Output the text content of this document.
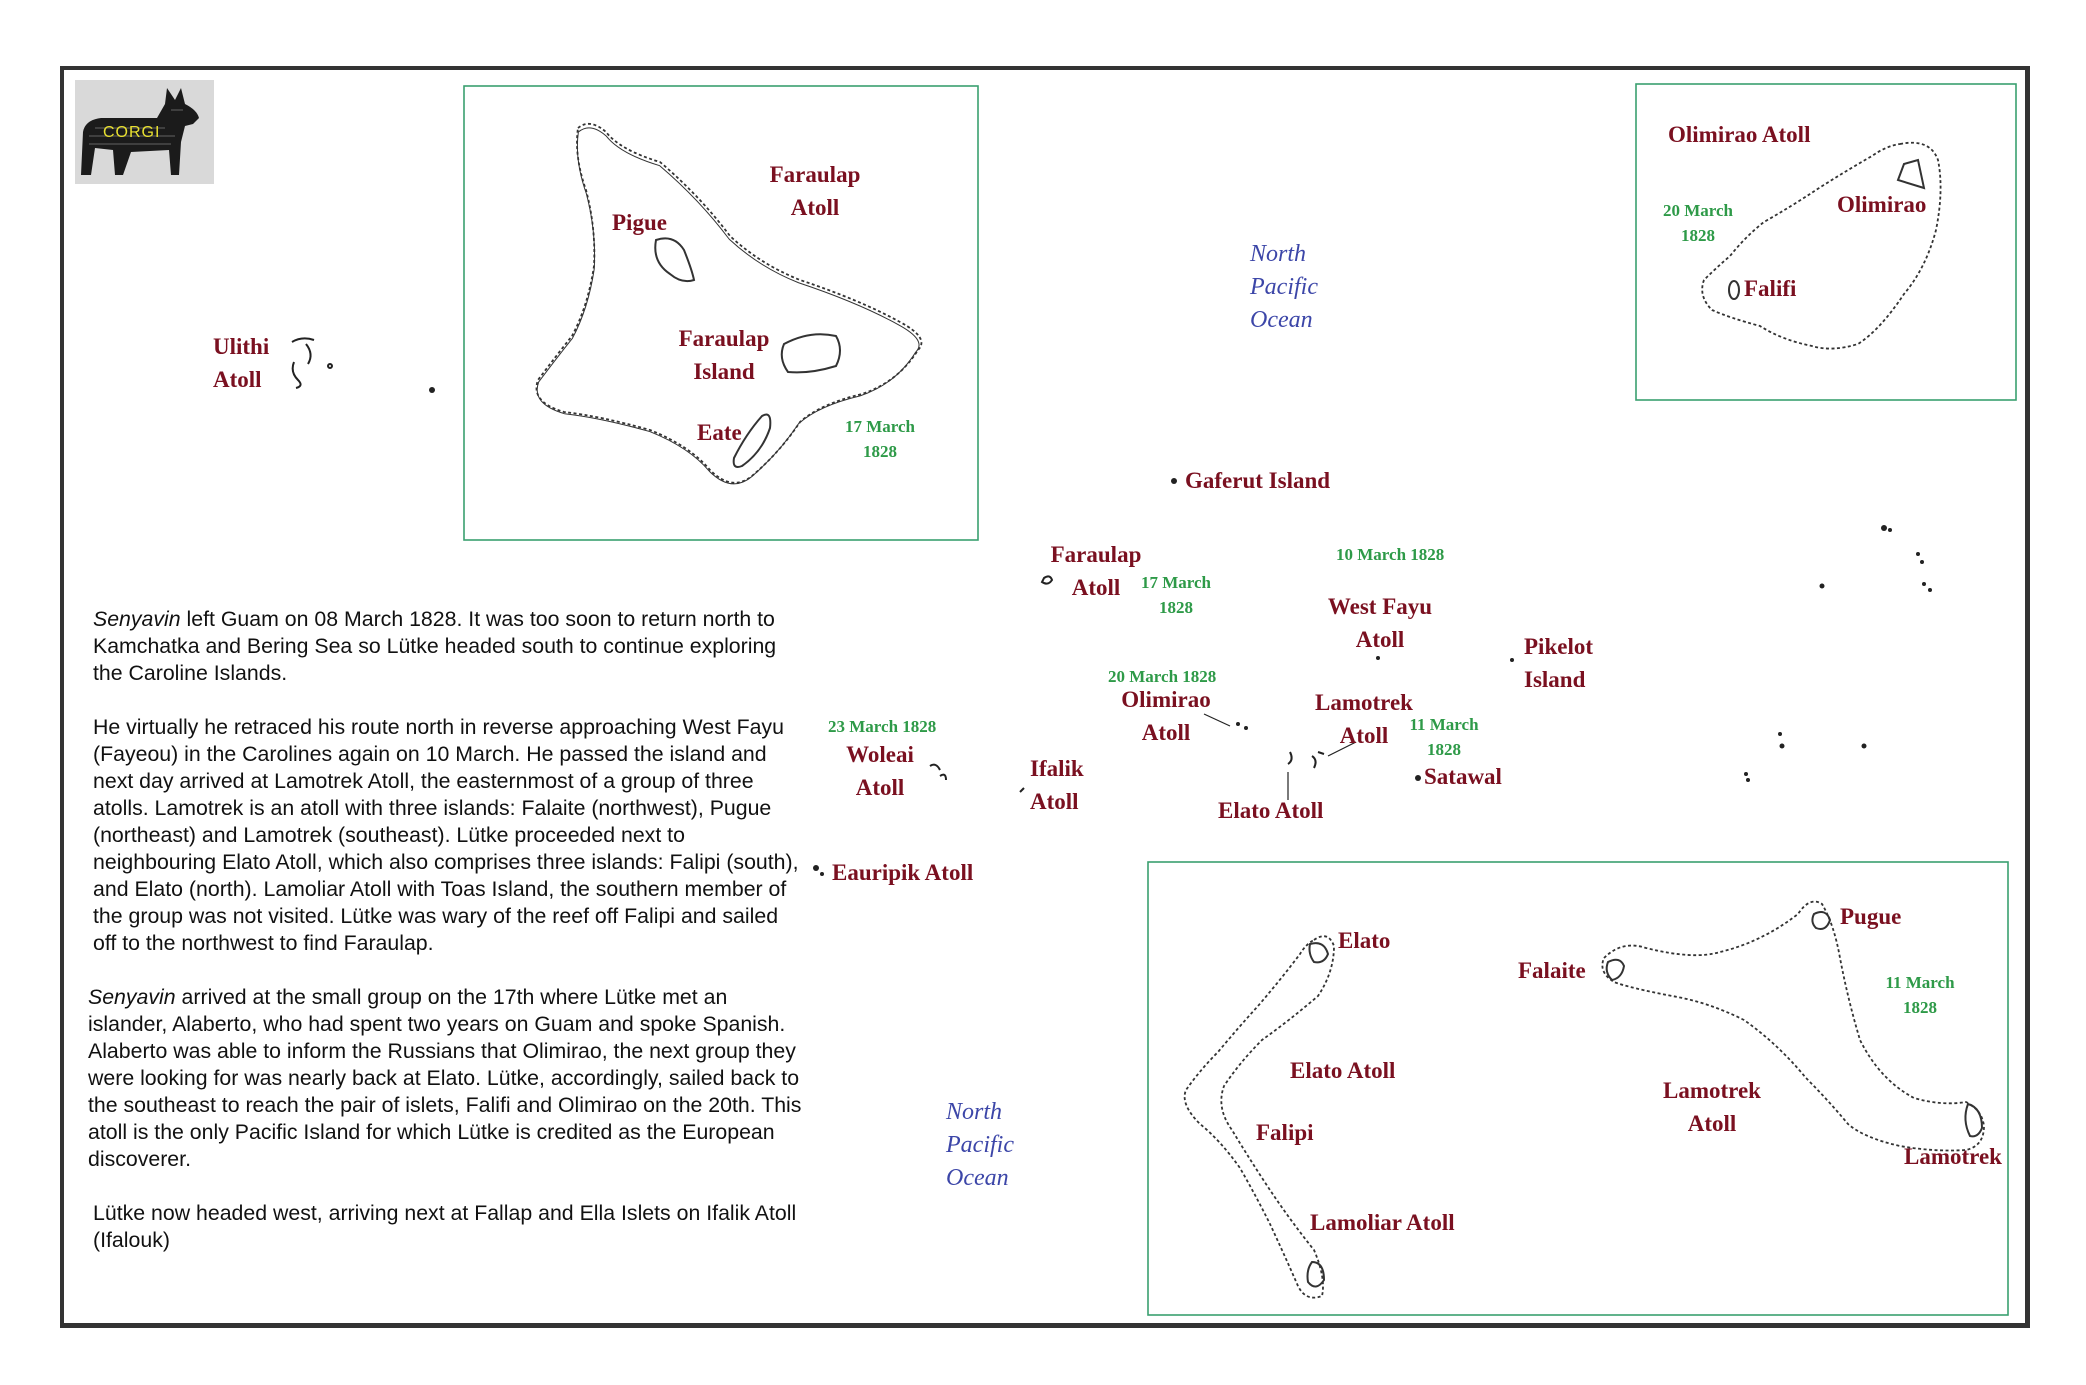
CORGI
Faraulap
Atoll
Pigue
Faraulap
Island
Eate	17 March
1828
Olimirao Atoll
Olimirao
Falifi
20 March
1828
Elato
Elato Atoll
Falipi
Lamoliar Atoll
Pugue
Falaite
Lamotrek
Atoll
Lamotrek
11 March
1828
Ulithi
Atoll
Gaferut Island
Faraulap
Atoll	17 March
1828
10 March 1828
West Fayu
Atoll	Pikelot
Island
20 March 1828
Olimirao
Atoll
Lamotrek
Atoll	11 March
1828
Satawal
23 March 1828
Woleai
Atoll
Ifalik
Atoll	Elato Atoll
Eauripik Atoll
North
Pacific
Ocean
North
Pacific
Ocean

Senyavin left Guam on 08 March 1828. It was too soon to return north to Kamchatka and Bering Sea so Lütke headed south to continue exploring the Caroline Islands.

He virtually he retraced his route north in reverse approaching West Fayu (Fayeou) in the Carolines again on 10 March. He passed the island and next day arrived at Lamotrek Atoll, the easternmost of a group of three atolls. Lamotrek is an atoll with three islands: Falaite (northwest), Pugue (northeast) and Lamotrek (southeast). Lütke proceeded next to neighbouring Elato Atoll, which also comprises three islands: Falipi (south), and Elato (north). Lamoliar Atoll with Toas Island, the southern member of the group was not visited. Lütke was wary of the reef off Falipi and sailed off to the northwest to find Faraulap.

Senyavin arrived at the small group on the 17th where Lütke met an islander, Alaberto, who had spent two years on Guam and spoke Spanish. Alaberto was able to inform the Russians that Olimirao, the next group they were looking for was nearly back at Elato. Lütke, accordingly, sailed back to the southeast to reach the pair of islets, Falifi and Olimirao on the 20th. This atoll is the only Pacific Island for which Lütke is credited as the European discoverer.

Lütke now headed west, arriving next at Fallap and Ella Islets on Ifalik Atoll (Ifalouk)
